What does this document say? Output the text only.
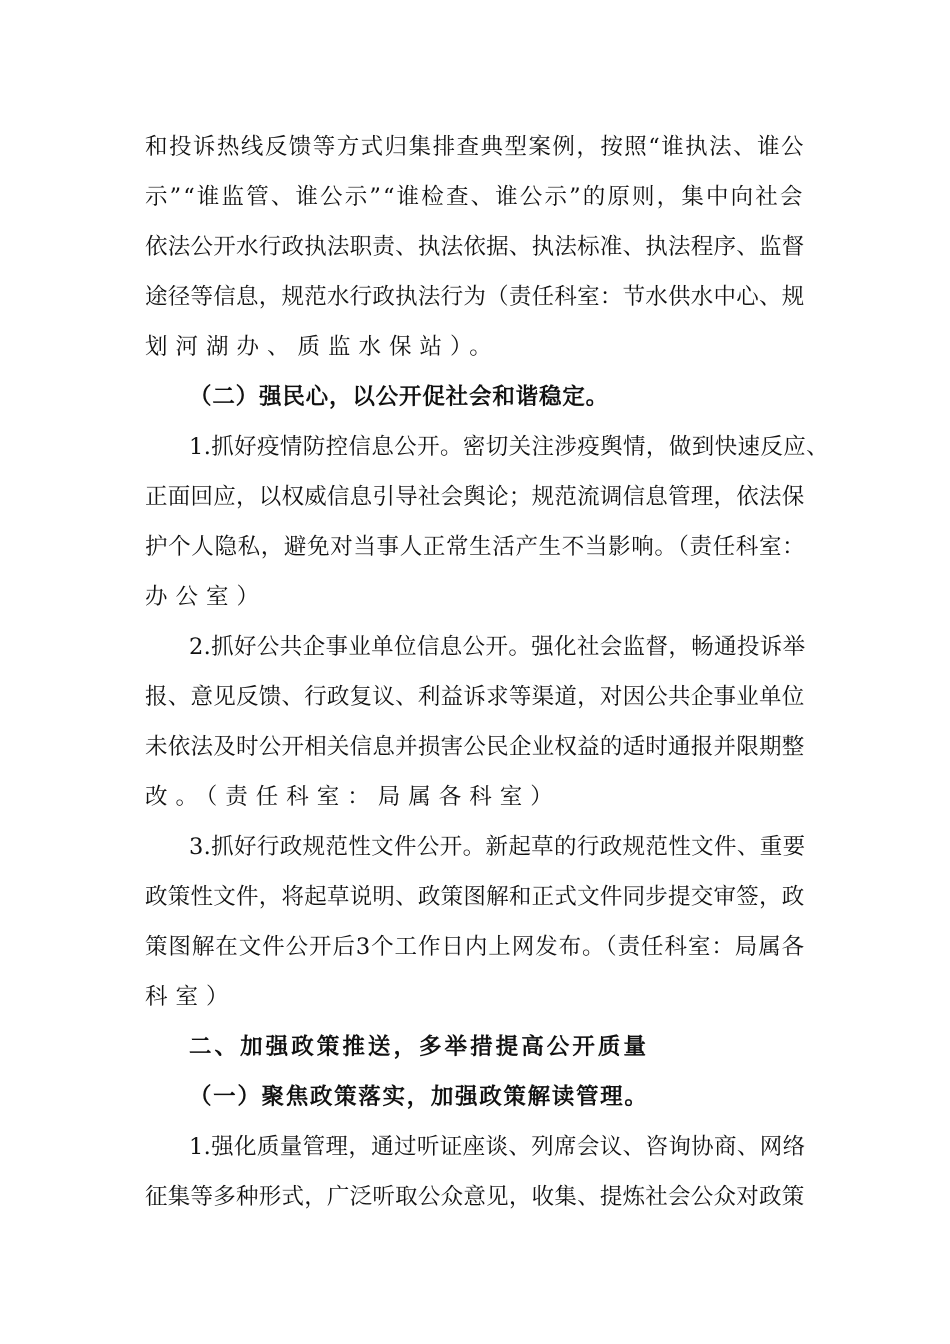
和投诉热线反馈等方式归集排查典型案例，按照“谁执法、谁公
示”“谁监管、谁公示”“谁检查、谁公示”的原则，集中向社会
依法公开水行政执法职责、执法依据、执法标准、执法程序、监督
途径等信息，规范水行政执法行为（责任科室：节水供水中心、规
划河湖办、质监水保站）。
（二）强民心，以公开促社会和谐稳定。
1.抓好疫情防控信息公开。密切关注涉疫舆情，做到快速反应、
正面回应，以权威信息引导社会舆论；规范流调信息管理，依法保
护个人隐私，避免对当事人正常生活产生不当影响。（责任科室：
办公室）
2.抓好公共企事业单位信息公开。强化社会监督，畅通投诉举
报、意见反馈、行政复议、利益诉求等渠道，对因公共企事业单位
未依法及时公开相关信息并损害公民企业权益的适时通报并限期整
改。（责任科室：局属各科室）
3.抓好行政规范性文件公开。新起草的行政规范性文件、重要
政策性文件，将起草说明、政策图解和正式文件同步提交审签，政
策图解在文件公开后3个工作日内上网发布。（责任科室：局属各
科室）
二、加强政策推送，多举措提高公开质量
（一）聚焦政策落实，加强政策解读管理。
1.强化质量管理，通过听证座谈、列席会议、咨询协商、网络
征集等多种形式，广泛听取公众意见，收集、提炼社会公众对政策
